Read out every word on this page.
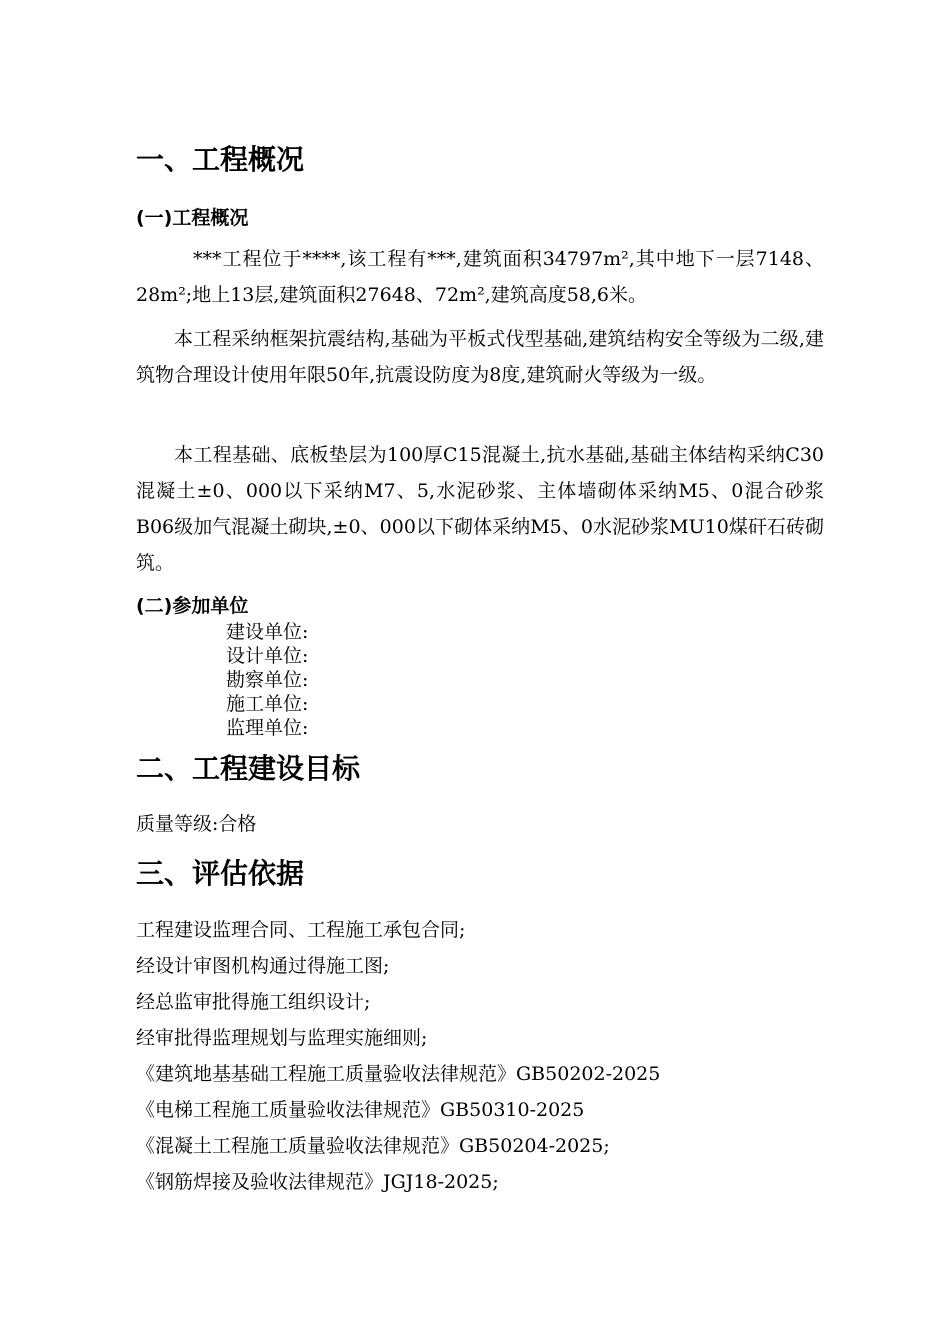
一、工程概况
(一)工程概况
***工程位于****,该工程有***,建筑面积34797m²,其中地下一层7148、28m²;地上13层,建筑面积27648、72m²,建筑高度58,6米。
本工程采纳框架抗震结构,基础为平板式伐型基础,建筑结构安全等级为二级,建筑物合理设计使用年限50年,抗震设防度为8度,建筑耐火等级为一级。
本工程基础、底板垫层为100厚C15混凝土,抗水基础,基础主体结构采纳C30混凝土±0、000以下采纳M7、5,水泥砂浆、主体墙砌体采纳M5、0混合砂浆B06级加气混凝土砌块,±0、000以下砌体采纳M5、0水泥砂浆MU10煤矸石砖砌筑。
(二)参加单位
建设单位:
设计单位:
勘察单位:
施工单位:
监理单位:
二、工程建设目标
质量等级:合格
三、评估依据
工程建设监理合同、工程施工承包合同;
经设计审图机构通过得施工图;
经总监审批得施工组织设计;
经审批得监理规划与监理实施细则;
《建筑地基基础工程施工质量验收法律规范》GB50202-2025
《电梯工程施工质量验收法律规范》GB50310-2025
《混凝土工程施工质量验收法律规范》GB50204-2025;
《钢筋焊接及验收法律规范》JGJ18-2025;
